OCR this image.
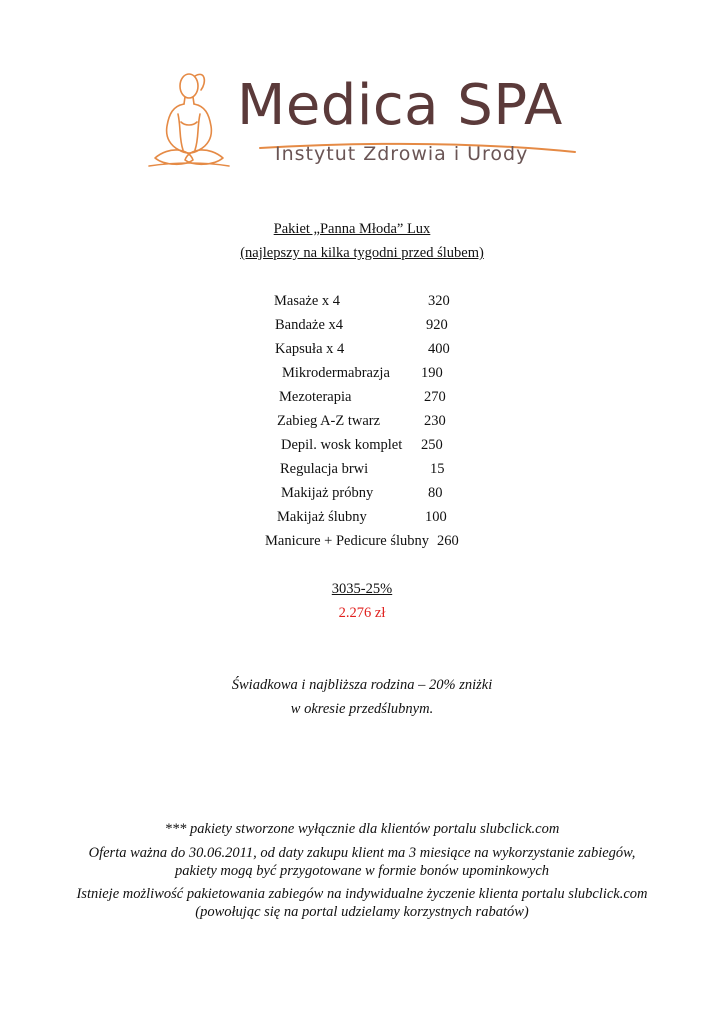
Medica SPA
Instytut Zdrowia i Urody
Pakiet „Panna Młoda” Lux
(najlepszy na kilka tygodni przed ślubem)
Masaże x 4	320
Bandaże x4	920
Kapsuła x 4	400
Mikrodermabrazja 190
Mezoterapia	270
Zabieg A-Z twarz	230
Depil. wosk komplet 250
Regulacja brwi	15
Makijaż próbny	80
Makijaż ślubny	100
Manicure + Pedicure ślubny 260
3035-25%
2.276 zł
Świadkowa i najbliższa rodzina – 20% zniżki
w okresie przedślubnym.
*** pakiety stworzone wyłącznie dla klientów portalu slubclick.com
Oferta ważna do 30.06.2011, od daty zakupu klient ma 3 miesiące na wykorzystanie zabiegów,
pakiety mogą być przygotowane w formie bonów upominkowych
Istnieje możliwość pakietowania zabiegów na indywidualne życzenie klienta portalu slubclick.com
(powołując się na portal udzielamy korzystnych rabatów)
